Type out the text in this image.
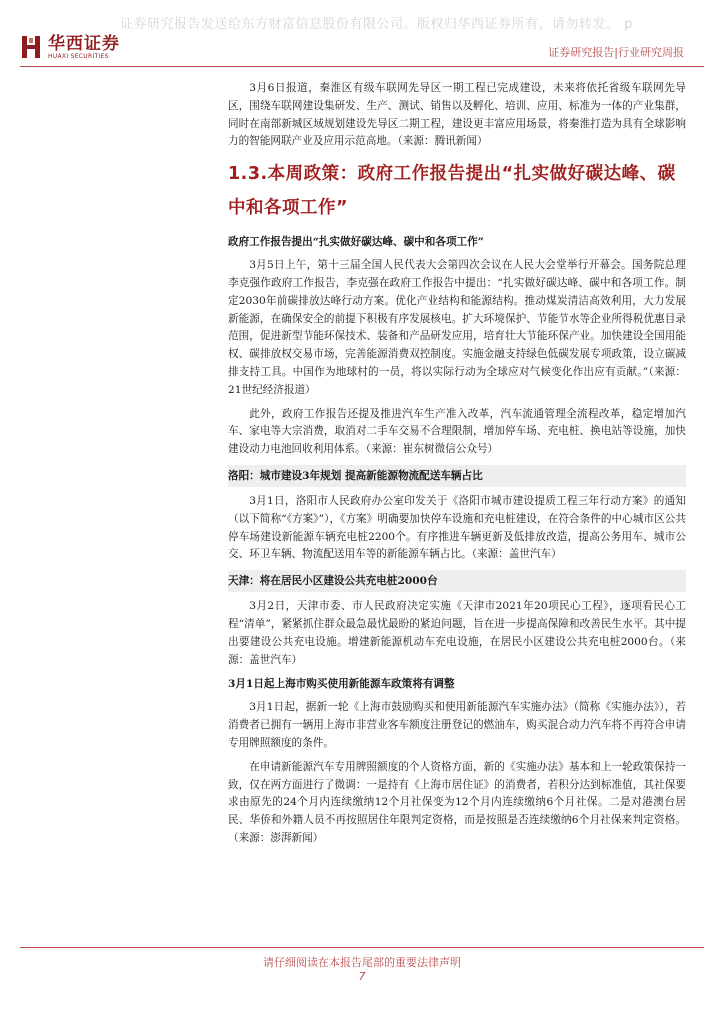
证券研究报告发送给东方财富信息股份有限公司。版权归华西证券所有，请勿转发。 p
华西证券
HUAXI SECURITIES	证券研究报告|行业研究周报

3月6日报道，秦淮区有级车联网先导区一期工程已完成建设，未来将依托省级车联网先导区，围绕车联网建设集研发、生产、测试、销售以及孵化、培训、应用、标准为一体的产业集群，同时在南部新城区域规划建设先导区二期工程，建设更丰富应用场景，将秦淮打造为具有全球影响力的智能网联产业及应用示范高地。（来源：腾讯新闻）

1.3.本周政策：政府工作报告提出“扎实做好碳达峰、碳中和各项工作”
政府工作报告提出“扎实做好碳达峰、碳中和各项工作”

3月5日上午，第十三届全国人民代表大会第四次会议在人民大会堂举行开幕会。国务院总理李克强作政府工作报告，李克强在政府工作报告中提出：“扎实做好碳达峰、碳中和各项工作。制定2030年前碳排放达峰行动方案。优化产业结构和能源结构。推动煤炭清洁高效利用，大力发展新能源，在确保安全的前提下积极有序发展核电。扩大环境保护、节能节水等企业所得税优惠目录范围，促进新型节能环保技术、装备和产品研发应用，培育壮大节能环保产业。加快建设全国用能权、碳排放权交易市场，完善能源消费双控制度。实施金融支持绿色低碳发展专项政策，设立碳减排支持工具。中国作为地球村的一员，将以实际行动为全球应对气候变化作出应有贡献。”（来源：21世纪经济报道）

此外，政府工作报告还提及推进汽车生产准入改革，汽车流通管理全流程改革，稳定增加汽车、家电等大宗消费，取消对二手车交易不合理限制，增加停车场、充电桩、换电站等设施，加快建设动力电池回收利用体系。（来源：崔东树微信公众号）

洛阳：城市建设3年规划 提高新能源物流配送车辆占比

3月1日，洛阳市人民政府办公室印发关于《洛阳市城市建设提质工程三年行动方案》的通知（以下简称“《方案》”），《方案》明确要加快停车设施和充电桩建设，在符合条件的中心城市区公共停车场建设新能源车辆充电桩2200个。有序推进车辆更新及低排放改造，提高公务用车、城市公交、环卫车辆、物流配送用车等的新能源车辆占比。（来源：盖世汽车）

天津：将在居民小区建设公共充电桩2000台

3月2日，天津市委、市人民政府决定实施《天津市2021年20项民心工程》，逐项看民心工程“清单”，紧紧抓住群众最急最忧最盼的紧迫问题，旨在进一步提高保障和改善民生水平。其中提出要建设公共充电设施。增建新能源机动车充电设施，在居民小区建设公共充电桩2000台。（来源：盖世汽车）

3月1日起上海市购买使用新能源车政策将有调整

3月1日起，据新一轮《上海市鼓励购买和使用新能源汽车实施办法》（简称《实施办法》），若消费者已拥有一辆用上海市非营业客车额度注册登记的燃油车，购买混合动力汽车将不再符合申请专用牌照额度的条件。

在申请新能源汽车专用牌照额度的个人资格方面，新的《实施办法》基本和上一轮政策保持一致，仅在两方面进行了微调：一是持有《上海市居住证》的消费者，若积分达到标准值，其社保要求由原先的24个月内连续缴纳12个月社保变为12个月内连续缴纳6个月社保。二是对港澳台居民、华侨和外籍人员不再按照居住年限判定资格，而是按照是否连续缴纳6个月社保来判定资格。（来源：澎湃新闻）

请仔细阅读在本报告尾部的重要法律声明
7
